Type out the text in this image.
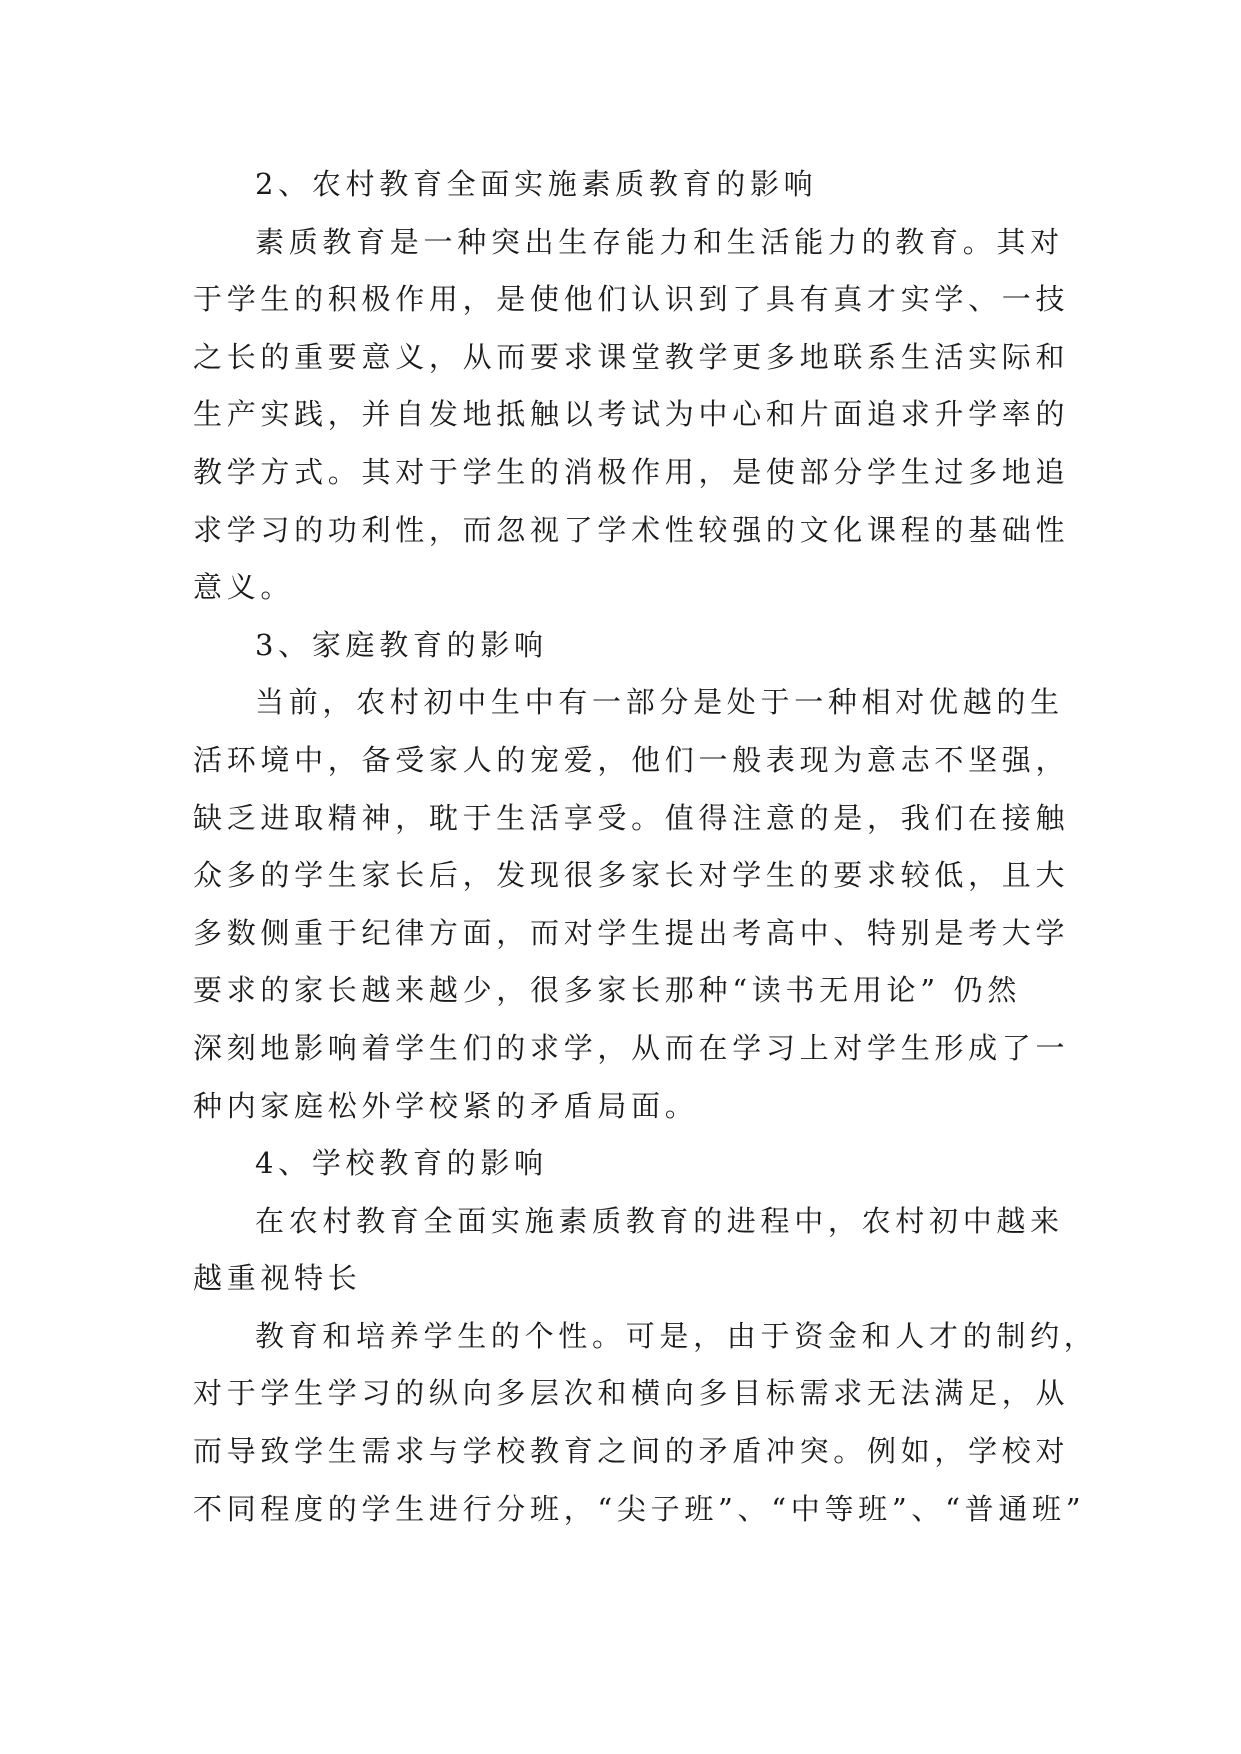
2、农村教育全面实施素质教育的影响
素质教育是一种突出生存能力和生活能力的教育。其对
于学生的积极作用，是使他们认识到了具有真才实学、一技
之长的重要意义，从而要求课堂教学更多地联系生活实际和
生产实践，并自发地抵触以考试为中心和片面追求升学率的
教学方式。其对于学生的消极作用，是使部分学生过多地追
求学习的功利性，而忽视了学术性较强的文化课程的基础性
意义。
3、家庭教育的影响
当前，农村初中生中有一部分是处于一种相对优越的生
活环境中，备受家人的宠爱，他们一般表现为意志不坚强，
缺乏进取精神，耽于生活享受。值得注意的是，我们在接触
众多的学生家长后，发现很多家长对学生的要求较低，且大
多数侧重于纪律方面，而对学生提出考高中、特别是考大学
要求的家长越来越少，很多家长那种“读书无用论” 仍然
深刻地影响着学生们的求学，从而在学习上对学生形成了一
种内家庭松外学校紧的矛盾局面。
4、学校教育的影响
在农村教育全面实施素质教育的进程中，农村初中越来
越重视特长
教育和培养学生的个性。可是，由于资金和人才的制约，
对于学生学习的纵向多层次和横向多目标需求无法满足，从
而导致学生需求与学校教育之间的矛盾冲突。例如，学校对
不同程度的学生进行分班，“尖子班”、“中等班”、“普通班”
